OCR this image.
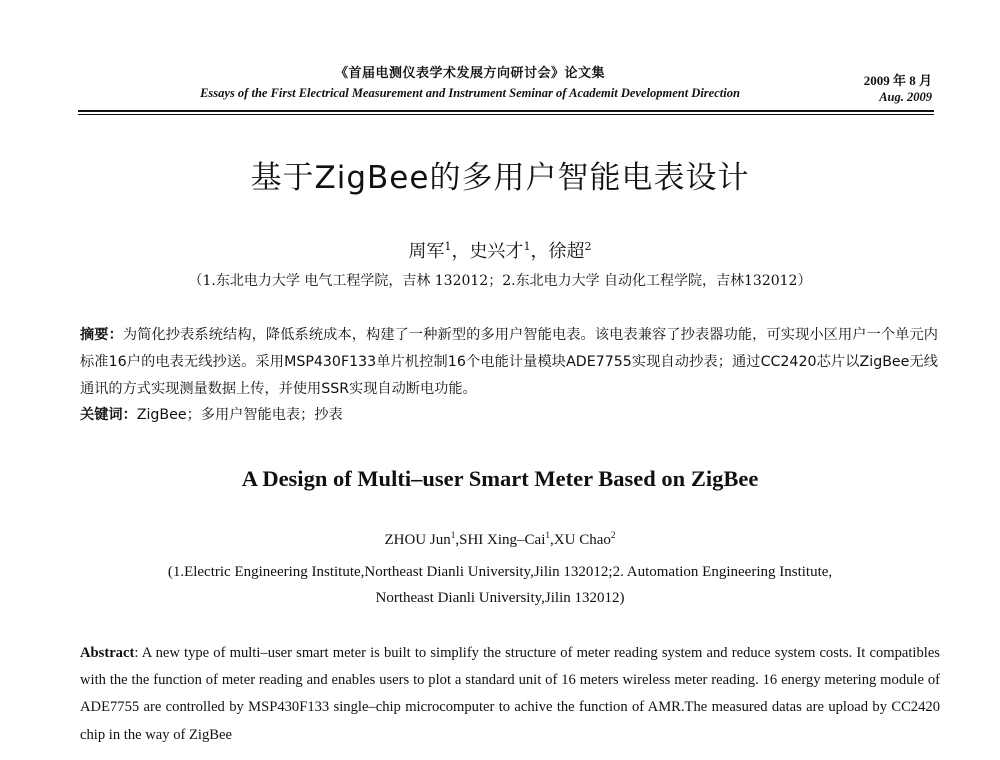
《首届电测仪表学术发展方向研讨会》论文集
Essays of the First Electrical Measurement and Instrument Seminar of Academit Development Direction
2009 年 8 月
Aug. 2009
基于ZigBee的多用户智能电表设计
周军$^1$，史兴才$^1$，徐超$^2$
（1.东北电力大学 电气工程学院，吉林 132012；2.东北电力大学 自动化工程学院，吉林132012）
摘要：为简化抄表系统结构，降低系统成本，构建了一种新型的多用户智能电表。该电表兼容了抄表器功能，可实现小区用户一个单元内标准16户的电表无线抄送。采用MSP430F133单片机控制16个电能计量模块ADE7755实现自动抄表；通过CC2420芯片以ZigBee无线通讯的方式实现测量数据上传，并使用SSR实现自动断电功能。
关键词：ZigBee；多用户智能电表；抄表
A Design of Multi–user Smart Meter Based on ZigBee
ZHOU Jun$^1$,SHI Xing–Cai$^1$,XU Chao$^2$
(1.Electric Engineering Institute,Northeast Dianli University,Jilin 132012;2. Automation Engineering Institute,
Northeast Dianli University,Jilin 132012)
Abstract: A new type of multi–user smart meter is built to simplify the structure of meter reading system and reduce system costs. It compatibles with the the function of meter reading and enables users to plot a standard unit of 16 meters wireless meter reading. 16 energy metering module of ADE7755 are controlled by MSP430F133 single–chip microcomputer to achive the function of AMR.The measured datas are upload by CC2420 chip in the way of ZigBee
